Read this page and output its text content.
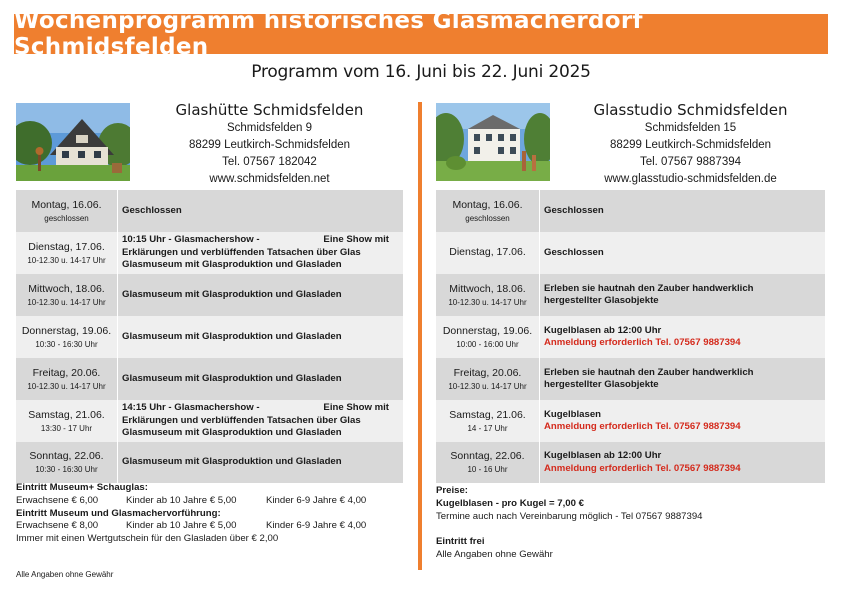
Wochenprogramm historisches Glasmacherdorf Schmidsfelden
Programm vom 16. Juni bis 22. Juni 2025
Glashütte Schmidsfelden
Schmidsfelden 9
88299 Leutkirch-Schmidsfelden
Tel. 07567 182042
www.schmidsfelden.net
Montag, 16.06.
geschlossen	Geschlossen

Dienstag, 17.06.
10-12.30 u. 14-17 Uhr	10:15 Uhr - Glasmachershow - Eine Show mit
Erklärungen und verblüffenden Tatsachen über Glas
Glasmuseum mit Glasproduktion und Glasladen

Mittwoch, 18.06.
10-12.30 u. 14-17 Uhr	Glasmuseum mit Glasproduktion und Glasladen

Donnerstag, 19.06.
10:30 - 16:30 Uhr	Glasmuseum mit Glasproduktion und Glasladen

Freitag, 20.06.
10-12.30 u. 14-17 Uhr	Glasmuseum mit Glasproduktion und Glasladen

Samstag, 21.06.
13:30 - 17 Uhr	14:15 Uhr - Glasmachershow - Eine Show mit
Erklärungen und verblüffenden Tatsachen über Glas
Glasmuseum mit Glasproduktion und Glasladen

Sonntag, 22.06.
10:30 - 16:30 Uhr	Glasmuseum mit Glasproduktion und Glasladen
Eintritt Museum+ Schauglas:
Erwachsene € 6,00	Kinder ab 10 Jahre € 5,00	Kinder 6-9 Jahre € 4,00
Eintritt Museum und Glasmachervorführung:
Erwachsene € 8,00	Kinder ab 10 Jahre € 5,00	Kinder 6-9 Jahre € 4,00
Immer mit einen Wertgutschein für den Glasladen über € 2,00
Alle Angaben ohne Gewähr
Glasstudio Schmidsfelden
Schmidsfelden 15
88299 Leutkirch-Schmidsfelden
Tel. 07567 9887394
www.glasstudio-schmidsfelden.de
Montag, 16.06.
geschlossen	Geschlossen

Dienstag, 17.06.	Geschlossen

Mittwoch, 18.06.
10-12.30 u. 14-17 Uhr	Erleben sie hautnah den Zauber handwerklich
hergestellter Glasobjekte

Donnerstag, 19.06.
10:00 - 16:00 Uhr	Kugelblasen ab 12:00 Uhr
Anmeldung erforderlich Tel. 07567 9887394

Freitag, 20.06.
10-12.30 u. 14-17 Uhr	Erleben sie hautnah den Zauber handwerklich
hergestellter Glasobjekte

Samstag, 21.06.
14 - 17 Uhr	Kugelblasen
Anmeldung erforderlich Tel. 07567 9887394

Sonntag, 22.06.
10 - 16 Uhr	Kugelblasen ab 12:00 Uhr
Anmeldung erforderlich Tel. 07567 9887394
Preise:
Kugelblasen - pro Kugel = 7,00 €
Termine auch nach Vereinbarung möglich - Tel 07567 9887394
Eintritt frei
Alle Angaben ohne Gewähr
